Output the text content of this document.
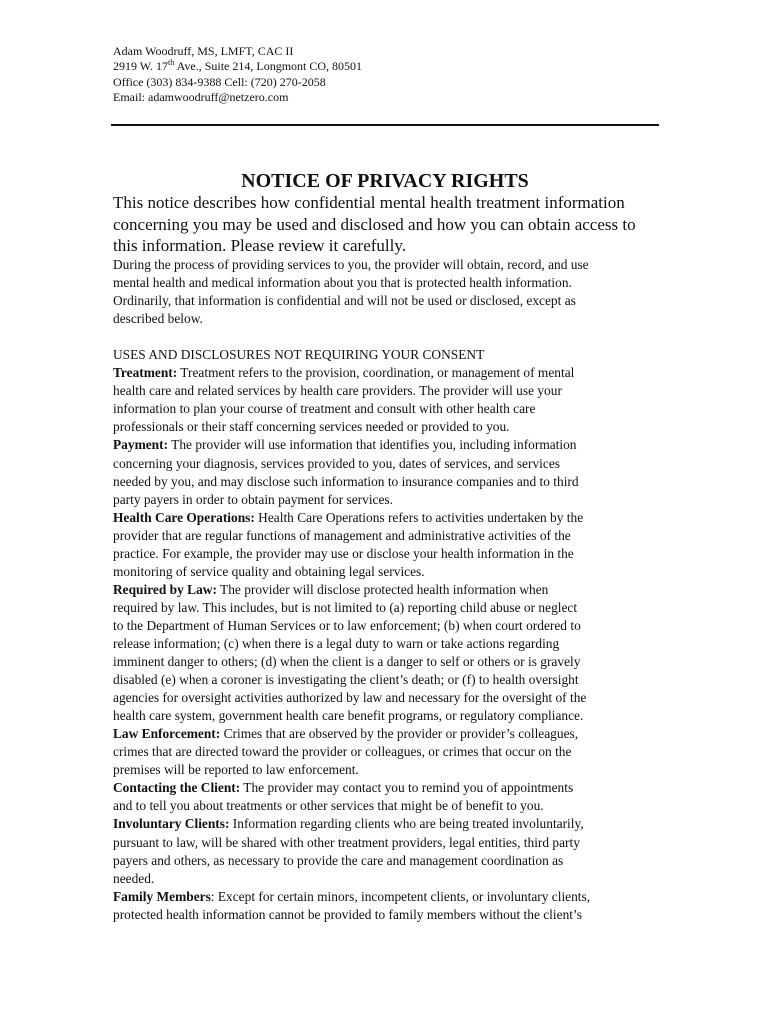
Adam Woodruff, MS, LMFT, CAC II
2919 W. 17th Ave., Suite 214, Longmont CO, 80501
Office (303) 834-9388 Cell: (720) 270-2058
Email: adamwoodruff@netzero.com
NOTICE OF PRIVACY RIGHTS
This notice describes how confidential mental health treatment information
concerning you may be used and disclosed and how you can obtain access to
this information. Please review it carefully.
During the process of providing services to you, the provider will obtain, record, and use
mental health and medical information about you that is protected health information.
Ordinarily, that information is confidential and will not be used or disclosed, except as
described below.
USES AND DISCLOSURES NOT REQUIRING YOUR CONSENT
Treatment: Treatment refers to the provision, coordination, or management of mental
health care and related services by health care providers. The provider will use your
information to plan your course of treatment and consult with other health care
professionals or their staff concerning services needed or provided to you.
Payment: The provider will use information that identifies you, including information
concerning your diagnosis, services provided to you, dates of services, and services
needed by you, and may disclose such information to insurance companies and to third
party payers in order to obtain payment for services.
Health Care Operations: Health Care Operations refers to activities undertaken by the
provider that are regular functions of management and administrative activities of the
practice. For example, the provider may use or disclose your health information in the
monitoring of service quality and obtaining legal services.
Required by Law: The provider will disclose protected health information when
required by law. This includes, but is not limited to (a) reporting child abuse or neglect
to the Department of Human Services or to law enforcement; (b) when court ordered to
release information; (c) when there is a legal duty to warn or take actions regarding
imminent danger to others; (d) when the client is a danger to self or others or is gravely
disabled (e) when a coroner is investigating the client’s death; or (f) to health oversight
agencies for oversight activities authorized by law and necessary for the oversight of the
health care system, government health care benefit programs, or regulatory compliance.
Law Enforcement: Crimes that are observed by the provider or provider’s colleagues,
crimes that are directed toward the provider or colleagues, or crimes that occur on the
premises will be reported to law enforcement.
Contacting the Client: The provider may contact you to remind you of appointments
and to tell you about treatments or other services that might be of benefit to you.
Involuntary Clients: Information regarding clients who are being treated involuntarily,
pursuant to law, will be shared with other treatment providers, legal entities, third party
payers and others, as necessary to provide the care and management coordination as
needed.
Family Members: Except for certain minors, incompetent clients, or involuntary clients,
protected health information cannot be provided to family members without the client’s
